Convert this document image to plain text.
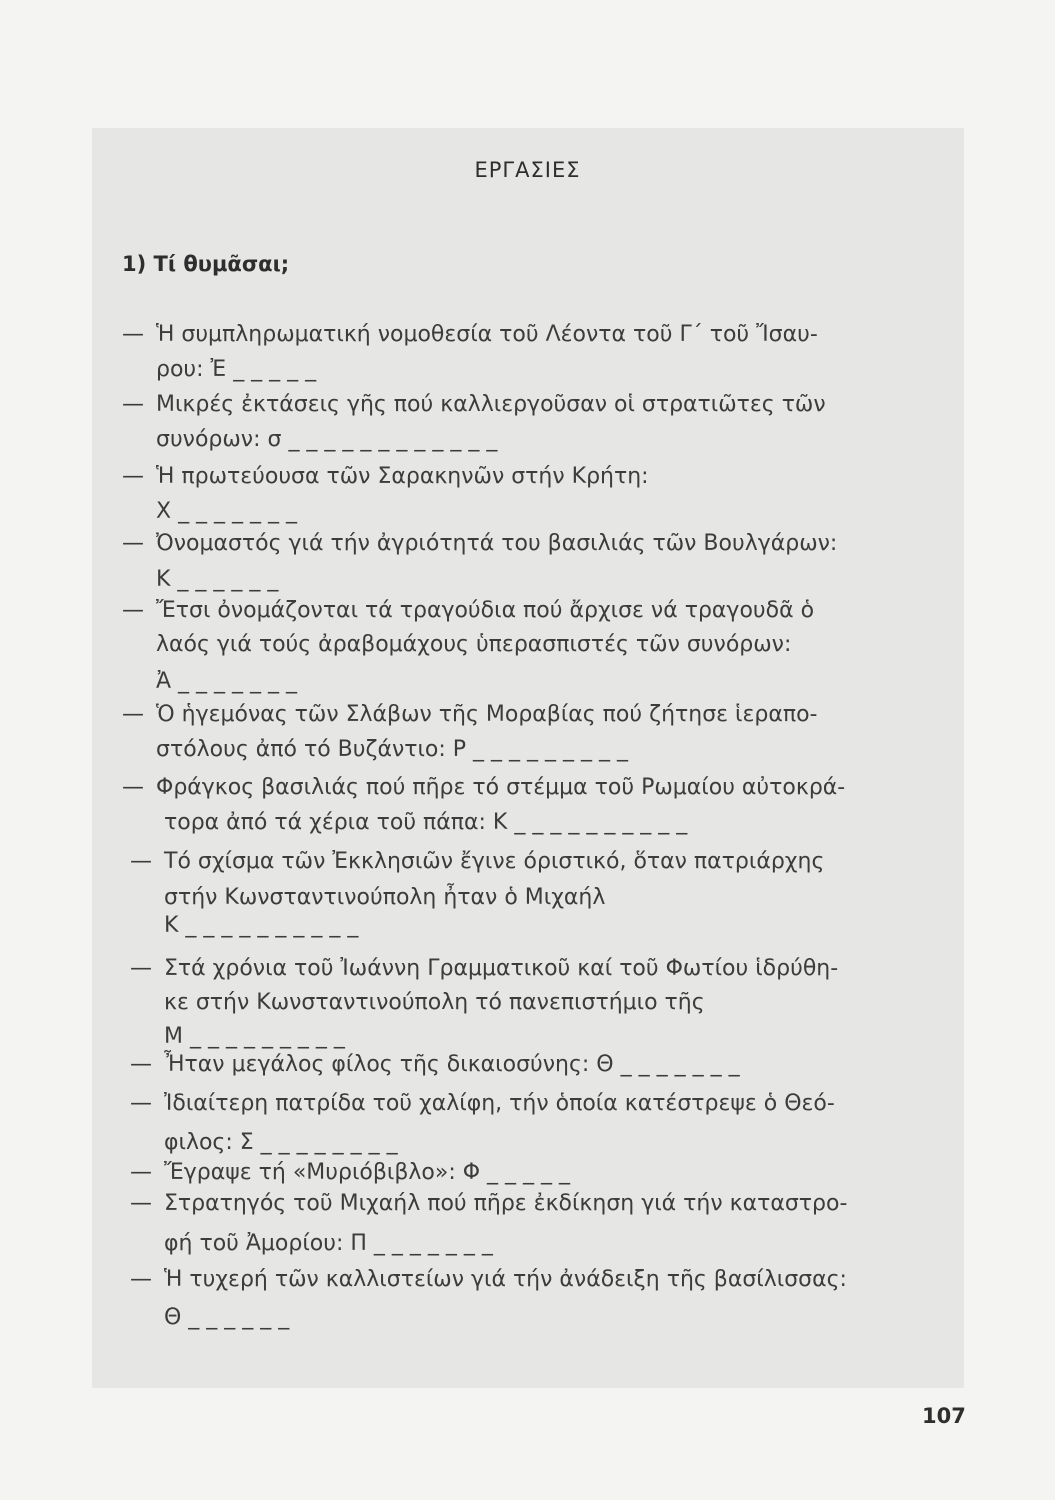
ΕΡΓΑΣΙΕΣ
1) Τί θυμᾶσαι;
— Ἡ συμπληρωματική νομοθεσία τοῦ Λέοντα τοῦ Γ΄ τοῦ Ἴσαυ-
ρου: Ἐ _ _ _ _ _
— Μικρές ἐκτάσεις γῆς πού καλλιεργοῦσαν οἱ στρατιῶτες τῶν
συνόρων: σ _ _ _ _ _ _ _ _ _ _ _ _
— Ἡ πρωτεύουσα τῶν Σαρακηνῶν στήν Κρήτη:
Χ _ _ _ _ _ _ _
— Ὀνομαστός γιά τήν ἀγριότητά του βασιλιάς τῶν Βουλγάρων:
Κ _ _ _ _ _ _
— Ἔτσι ὀνομάζονται τά τραγούδια πού ἄρχισε νά τραγουδᾶ ὁ
λαός γιά τούς ἀραβομάχους ὑπερασπιστές τῶν συνόρων:
Ἀ _ _ _ _ _ _ _
— Ὁ ἡγεμόνας τῶν Σλάβων τῆς Μοραβίας πού ζήτησε ἱεραπο-
στόλους ἀπό τό Βυζάντιο: Ρ _ _ _ _ _ _ _ _ _
— Φράγκος βασιλιάς πού πῆρε τό στέμμα τοῦ Ρωμαίου αὐτοκρά-
τορα ἀπό τά χέρια τοῦ πάπα: Κ _ _ _ _ _ _ _ _ _ _
— Τό σχίσμα τῶν Ἐκκλησιῶν ἔγινε όριστικό, ὅταν πατριάρχης
στήν Κωνσταντινούπολη ἦταν ὁ Μιχαήλ
Κ _ _ _ _ _ _ _ _ _ _
— Στά χρόνια τοῦ Ἰωάννη Γραμματικοῦ καί τοῦ Φωτίου ἱδρύθη-
κε στήν Κωνσταντινούπολη τό πανεπιστήμιο τῆς
Μ _ _ _ _ _ _ _ _ _
— Ἦταν μεγάλος φίλος τῆς δικαιοσύνης: Θ _ _ _ _ _ _ _
— Ἰδιαίτερη πατρίδα τοῦ χαλίφη, τήν ὁποία κατέστρεψε ὁ Θεό-
φιλος: Σ _ _ _ _ _ _ _ _
— Ἔγραψε τή «Μυριόβιβλο»: Φ _ _ _ _ _
— Στρατηγός τοῦ Μιχαήλ πού πῆρε ἐκδίκηση γιά τήν καταστρο-
φή τοῦ Ἀμορίου: Π _ _ _ _ _ _ _
— Ἡ τυχερή τῶν καλλιστείων γιά τήν ἀνάδειξη τῆς βασίλισσας:
Θ _ _ _ _ _ _
107
